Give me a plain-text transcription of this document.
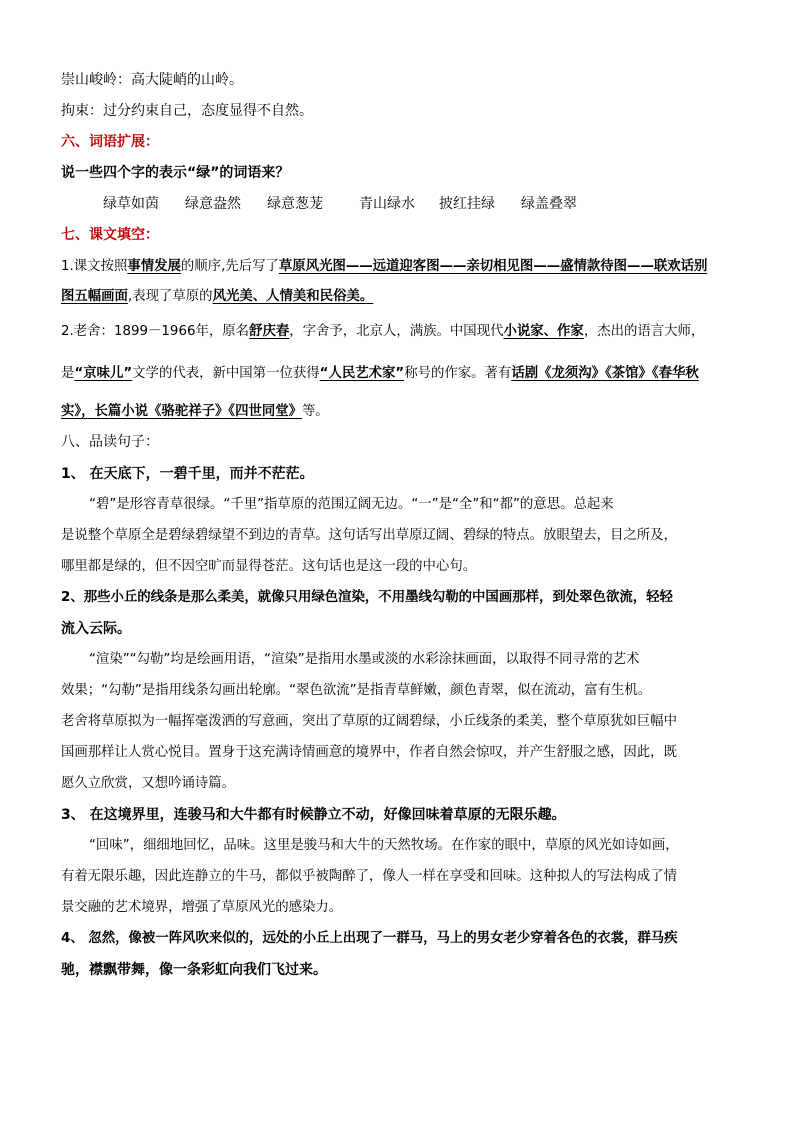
崇山峻岭：高大陡峭的山岭。
拘束：过分约束自己，态度显得不自然。
六、词语扩展：
说一些四个字的表示“绿”的词语来？
绿草如茵 绿意盎然 绿意葱茏	青山绿水 披红挂绿 绿盖叠翠
七、课文填空：
1.课文按照事情发展的顺序,先后写了草原风光图——远道迎客图——亲切相见图——盛情款待图——联欢话别
图五幅画面,表现了草原的风光美、人情美和民俗美。
2.老舍：1899－1966年，原名舒庆春，字舍予，北京人，满族。中国现代小说家、作家，杰出的语言大师，
是“京味儿”文学的代表，新中国第一位获得“人民艺术家”称号的作家。著有话剧《龙须沟》《茶馆》《春华秋
实》，长篇小说《骆驼祥子》《四世同堂》等。
八、品读句子：
1、 在天底下，一碧千里，而并不茫茫。
“碧”是形容青草很绿。“千里”指草原的范围辽阔无边。“一”是“全”和“都”的意思。总起来
是说整个草原全是碧绿碧绿望不到边的青草。这句话写出草原辽阔、碧绿的特点。放眼望去，目之所及，
哪里都是绿的，但不因空旷而显得苍茫。这句话也是这一段的中心句。
2、那些小丘的线条是那么柔美，就像只用绿色渲染，不用墨线勾勒的中国画那样，到处翠色欲流，轻轻
流入云际。
“渲染”“勾勒”均是绘画用语，“渲染”是指用水墨或淡的水彩涂抹画面，以取得不同寻常的艺术
效果；“勾勒”是指用线条勾画出轮廓。“翠色欲流”是指青草鲜嫩，颜色青翠，似在流动，富有生机。
老舍将草原拟为一幅挥毫泼洒的写意画，突出了草原的辽阔碧绿，小丘线条的柔美，整个草原犹如巨幅中
国画那样让人赏心悦目。置身于这充满诗情画意的境界中，作者自然会惊叹，并产生舒服之感，因此，既
愿久立欣赏，又想吟诵诗篇。
3、 在这境界里，连骏马和大牛都有时候静立不动，好像回味着草原的无限乐趣。
“回味”，细细地回忆，品味。这里是骏马和大牛的天然牧场。在作家的眼中，草原的风光如诗如画，
有着无限乐趣，因此连静立的牛马，都似乎被陶醉了，像人一样在享受和回味。这种拟人的写法构成了情
景交融的艺术境界，增强了草原风光的感染力。
4、 忽然，像被一阵风吹来似的，远处的小丘上出现了一群马，马上的男女老少穿着各色的衣裳，群马疾
驰，襟飘带舞，像一条彩虹向我们飞过来。
